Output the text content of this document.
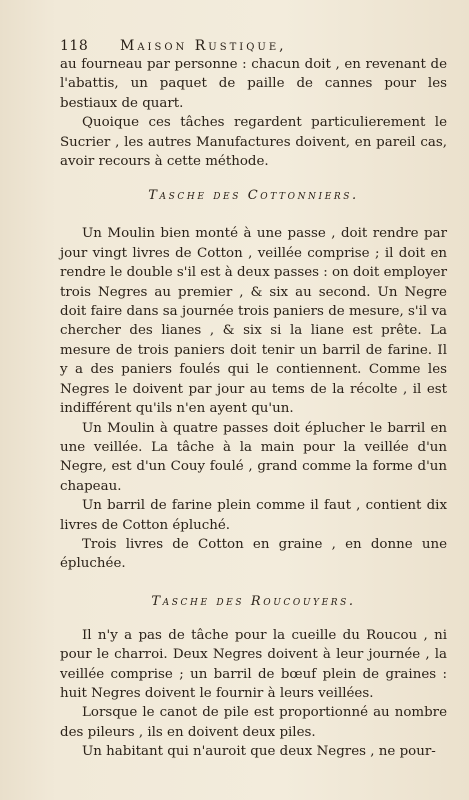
118	Maison Rustique,

au fourneau par personne : chacun doit , en revenant de l'abattis, un paquet de paille de cannes pour les bestiaux de quart.

Quoique ces tâches regardent particulierement le Sucrier , les autres Manufactures doivent, en pareil cas, avoir recours à cette méthode.

Tasche des Cottonniers.

Un Moulin bien monté à une passe , doit rendre par jour vingt livres de Cotton , veillée comprise ; il doit en rendre le double s'il est à deux passes : on doit employer trois Negres au premier , & six au second. Un Negre doit faire dans sa journée trois paniers de mesure, s'il va chercher des lianes , & six si la liane est prête. La mesure de trois paniers doit tenir un barril de farine. Il y a des paniers foulés qui le contiennent. Comme les Negres le doivent par jour au tems de la récolte , il est indifférent qu'ils n'en ayent qu'un.

Un Moulin à quatre passes doit éplucher le barril en une veillée. La tâche à la main pour la veillée d'un Negre, est d'un Couy foulé , grand comme la forme d'un chapeau.

Un barril de farine plein comme il faut , contient dix livres de Cotton épluché.

Trois livres de Cotton en graine , en donne une épluchée.

Tasche des Roucouyers.

Il n'y a pas de tâche pour la cueille du Roucou , ni pour le charroi. Deux Negres doivent à leur journée , la veillée comprise ; un barril de bœuf plein de graines : huit Negres doivent le fournir à leurs veillées.

Lorsque le canot de pile est proportionné au nombre des pileurs , ils en doivent deux piles.

Un habitant qui n'auroit que deux Negres , ne pour-
